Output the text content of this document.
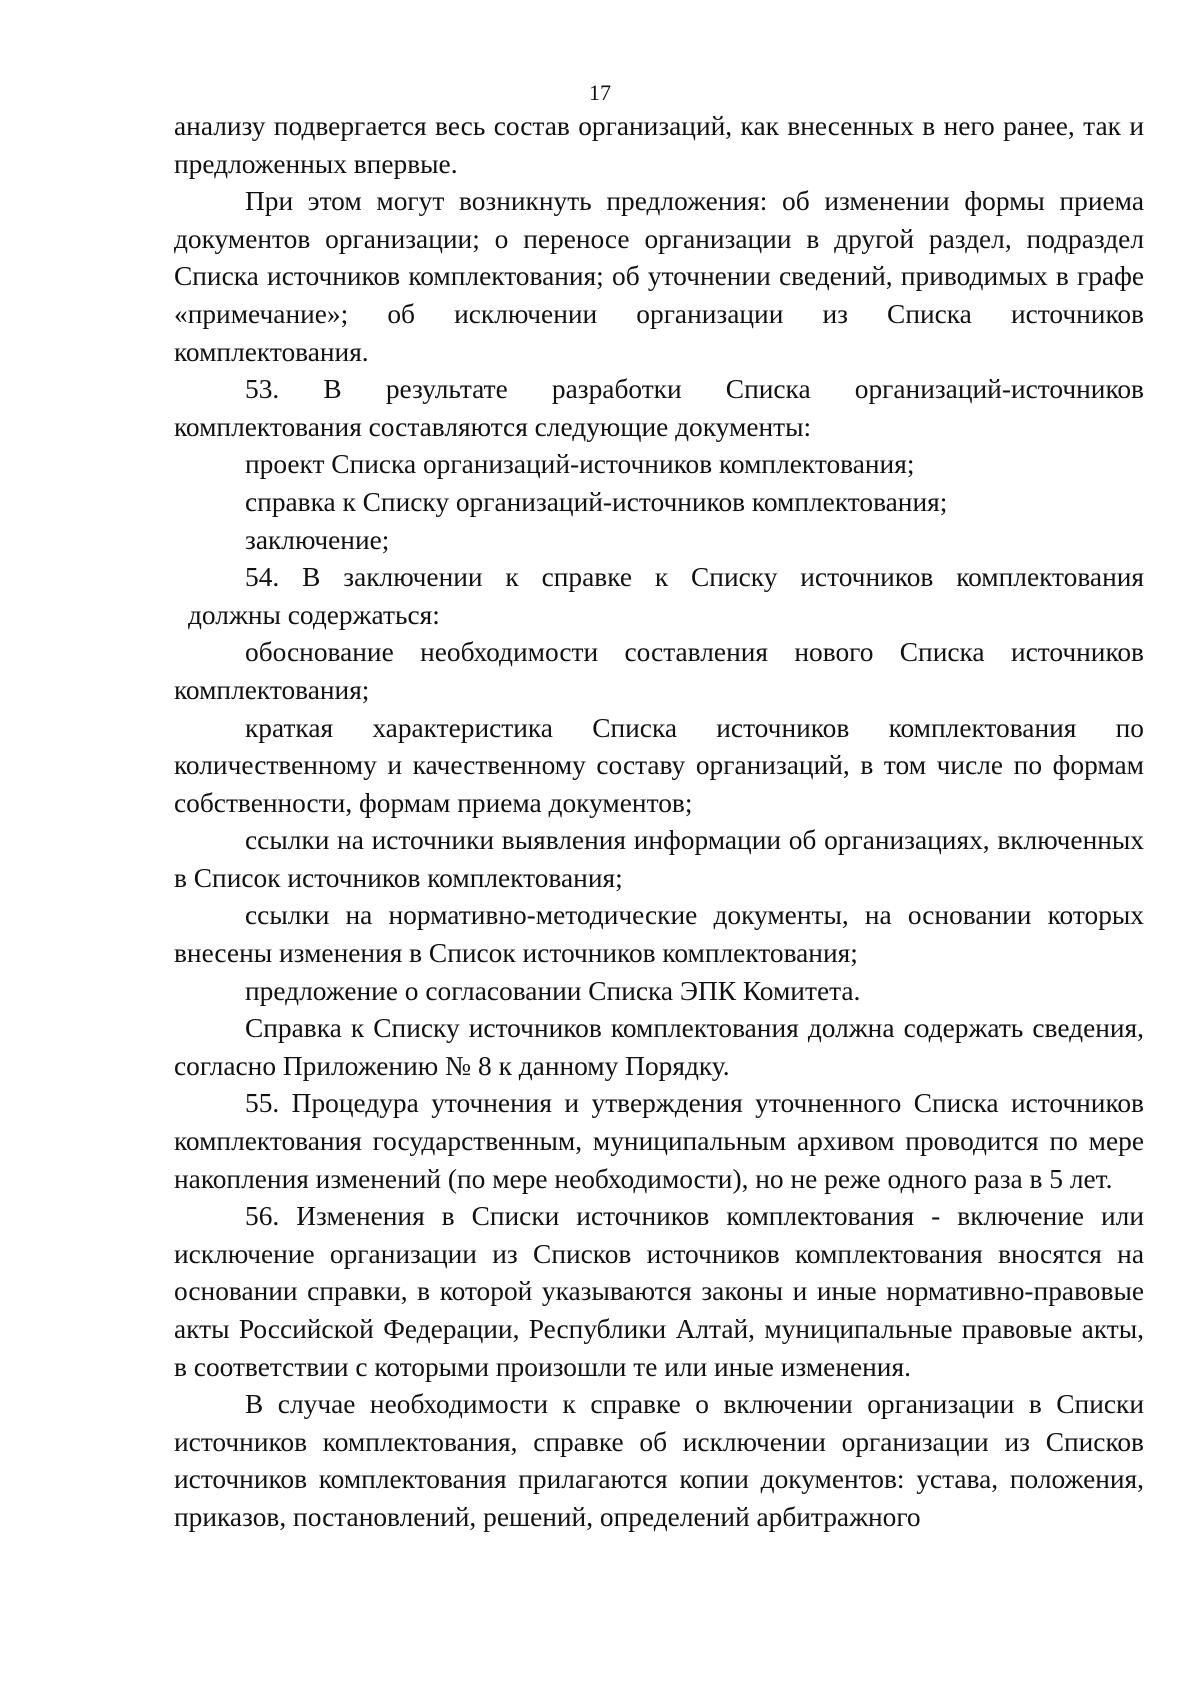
17

анализу подвергается весь состав организаций, как внесенных в него ранее, так и предложенных впервые.

При этом могут возникнуть предложения: об изменении формы приема документов организации; о переносе организации в другой раздел, подраздел Списка источников комплектования; об уточнении сведений, приводимых в графе «примечание»; об исключении организации из Списка источников комплектования.

53. В результате разработки Списка организаций-источников комплектования составляются следующие документы:

проект Списка организаций-источников комплектования;

справка к Списку организаций-источников комплектования;

заключение;

54. В заключении к справке к Списку источников комплектования

должны содержаться:

обоснование необходимости составления нового Списка источников комплектования;

краткая характеристика Списка источников комплектования по количественному и качественному составу организаций, в том числе по формам собственности, формам приема документов;

ссылки на источники выявления информации об организациях, включенных в Список источников комплектования;

ссылки на нормативно-методические документы, на основании которых внесены изменения в Список источников комплектования;

предложение о согласовании Списка ЭПК Комитета.

Справка к Списку источников комплектования должна содержать сведения, согласно Приложению № 8 к данному Порядку.

55. Процедура уточнения и утверждения уточненного Списка источников комплектования государственным, муниципальным архивом проводится по мере накопления изменений (по мере необходимости), но не реже одного раза в 5 лет.

56. Изменения в Списки источников комплектования - включение или исключение организации из Списков источников комплектования вносятся на основании справки, в которой указываются законы и иные нормативно-правовые акты Российской Федерации, Республики Алтай, муниципальные правовые акты, в соответствии с которыми произошли те или иные изменения.

В случае необходимости к справке о включении организации в Списки источников комплектования, справке об исключении организации из Списков источников комплектования прилагаются копии документов: устава, положения, приказов, постановлений, решений, определений арбитражного
